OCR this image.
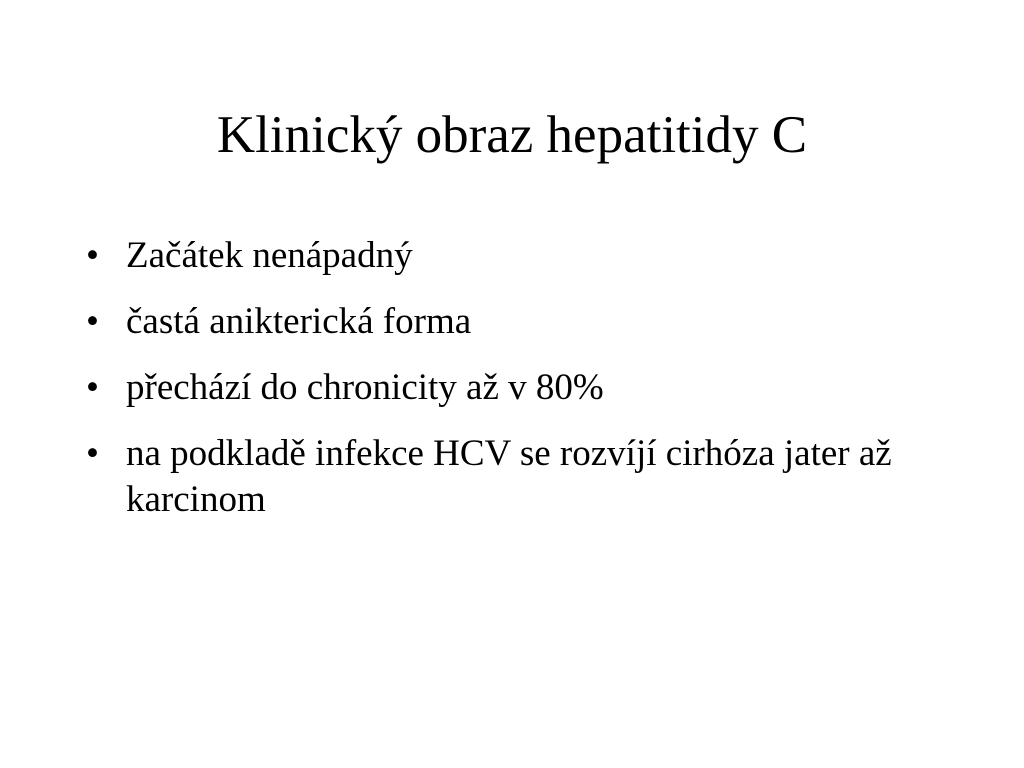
Klinický obraz hepatitidy C
• Začátek nenápadný
• častá anikterická forma
• přechází do chronicity až v 80%
• na podkladě infekce HCV se rozvíjí cirhóza jater až karcinom
